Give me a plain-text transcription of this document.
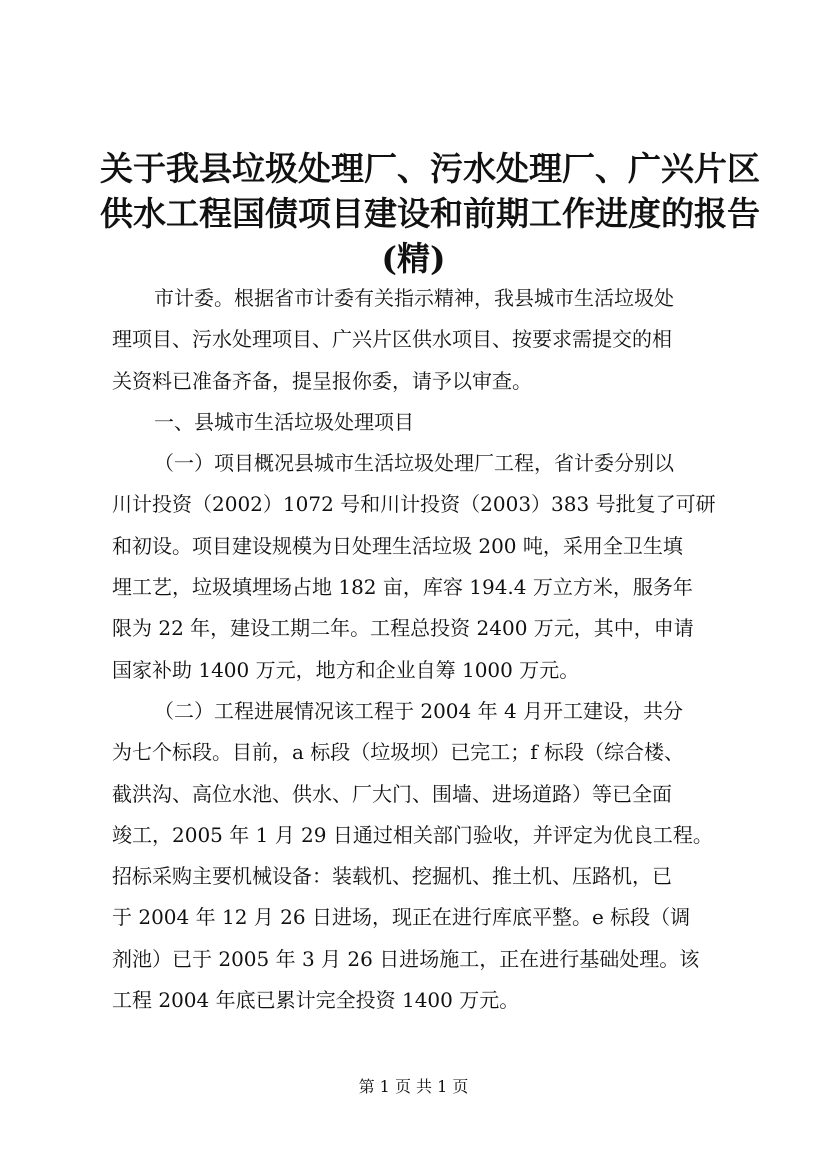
关于我县垃圾处理厂、污水处理厂、广兴片区
供水工程国债项目建设和前期工作进度的报告
(精)
市计委。根据省市计委有关指示精神，我县城市生活垃圾处
理项目、污水处理项目、广兴片区供水项目、按要求需提交的相
关资料已准备齐备，提呈报你委，请予以审查。
一、县城市生活垃圾处理项目
（一）项目概况县城市生活垃圾处理厂工程，省计委分别以
川计投资（2002）1072 号和川计投资（2003）383 号批复了可研
和初设。项目建设规模为日处理生活垃圾 200 吨，采用全卫生填
埋工艺，垃圾填埋场占地 182 亩，库容 194.4 万立方米，服务年
限为 22 年，建设工期二年。工程总投资 2400 万元，其中，申请
国家补助 1400 万元，地方和企业自筹 1000 万元。
（二）工程进展情况该工程于 2004 年 4 月开工建设，共分
为七个标段。目前，a 标段（垃圾坝）已完工；f 标段（综合楼、
截洪沟、高位水池、供水、厂大门、围墙、进场道路）等已全面
竣工，2005 年 1 月 29 日通过相关部门验收，并评定为优良工程。
招标采购主要机械设备：装载机、挖掘机、推土机、压路机，已
于 2004 年 12 月 26 日进场，现正在进行库底平整。e 标段（调
剂池）已于 2005 年 3 月 26 日进场施工，正在进行基础处理。该
工程 2004 年底已累计完全投资 1400 万元。
第 1 页 共 1 页
